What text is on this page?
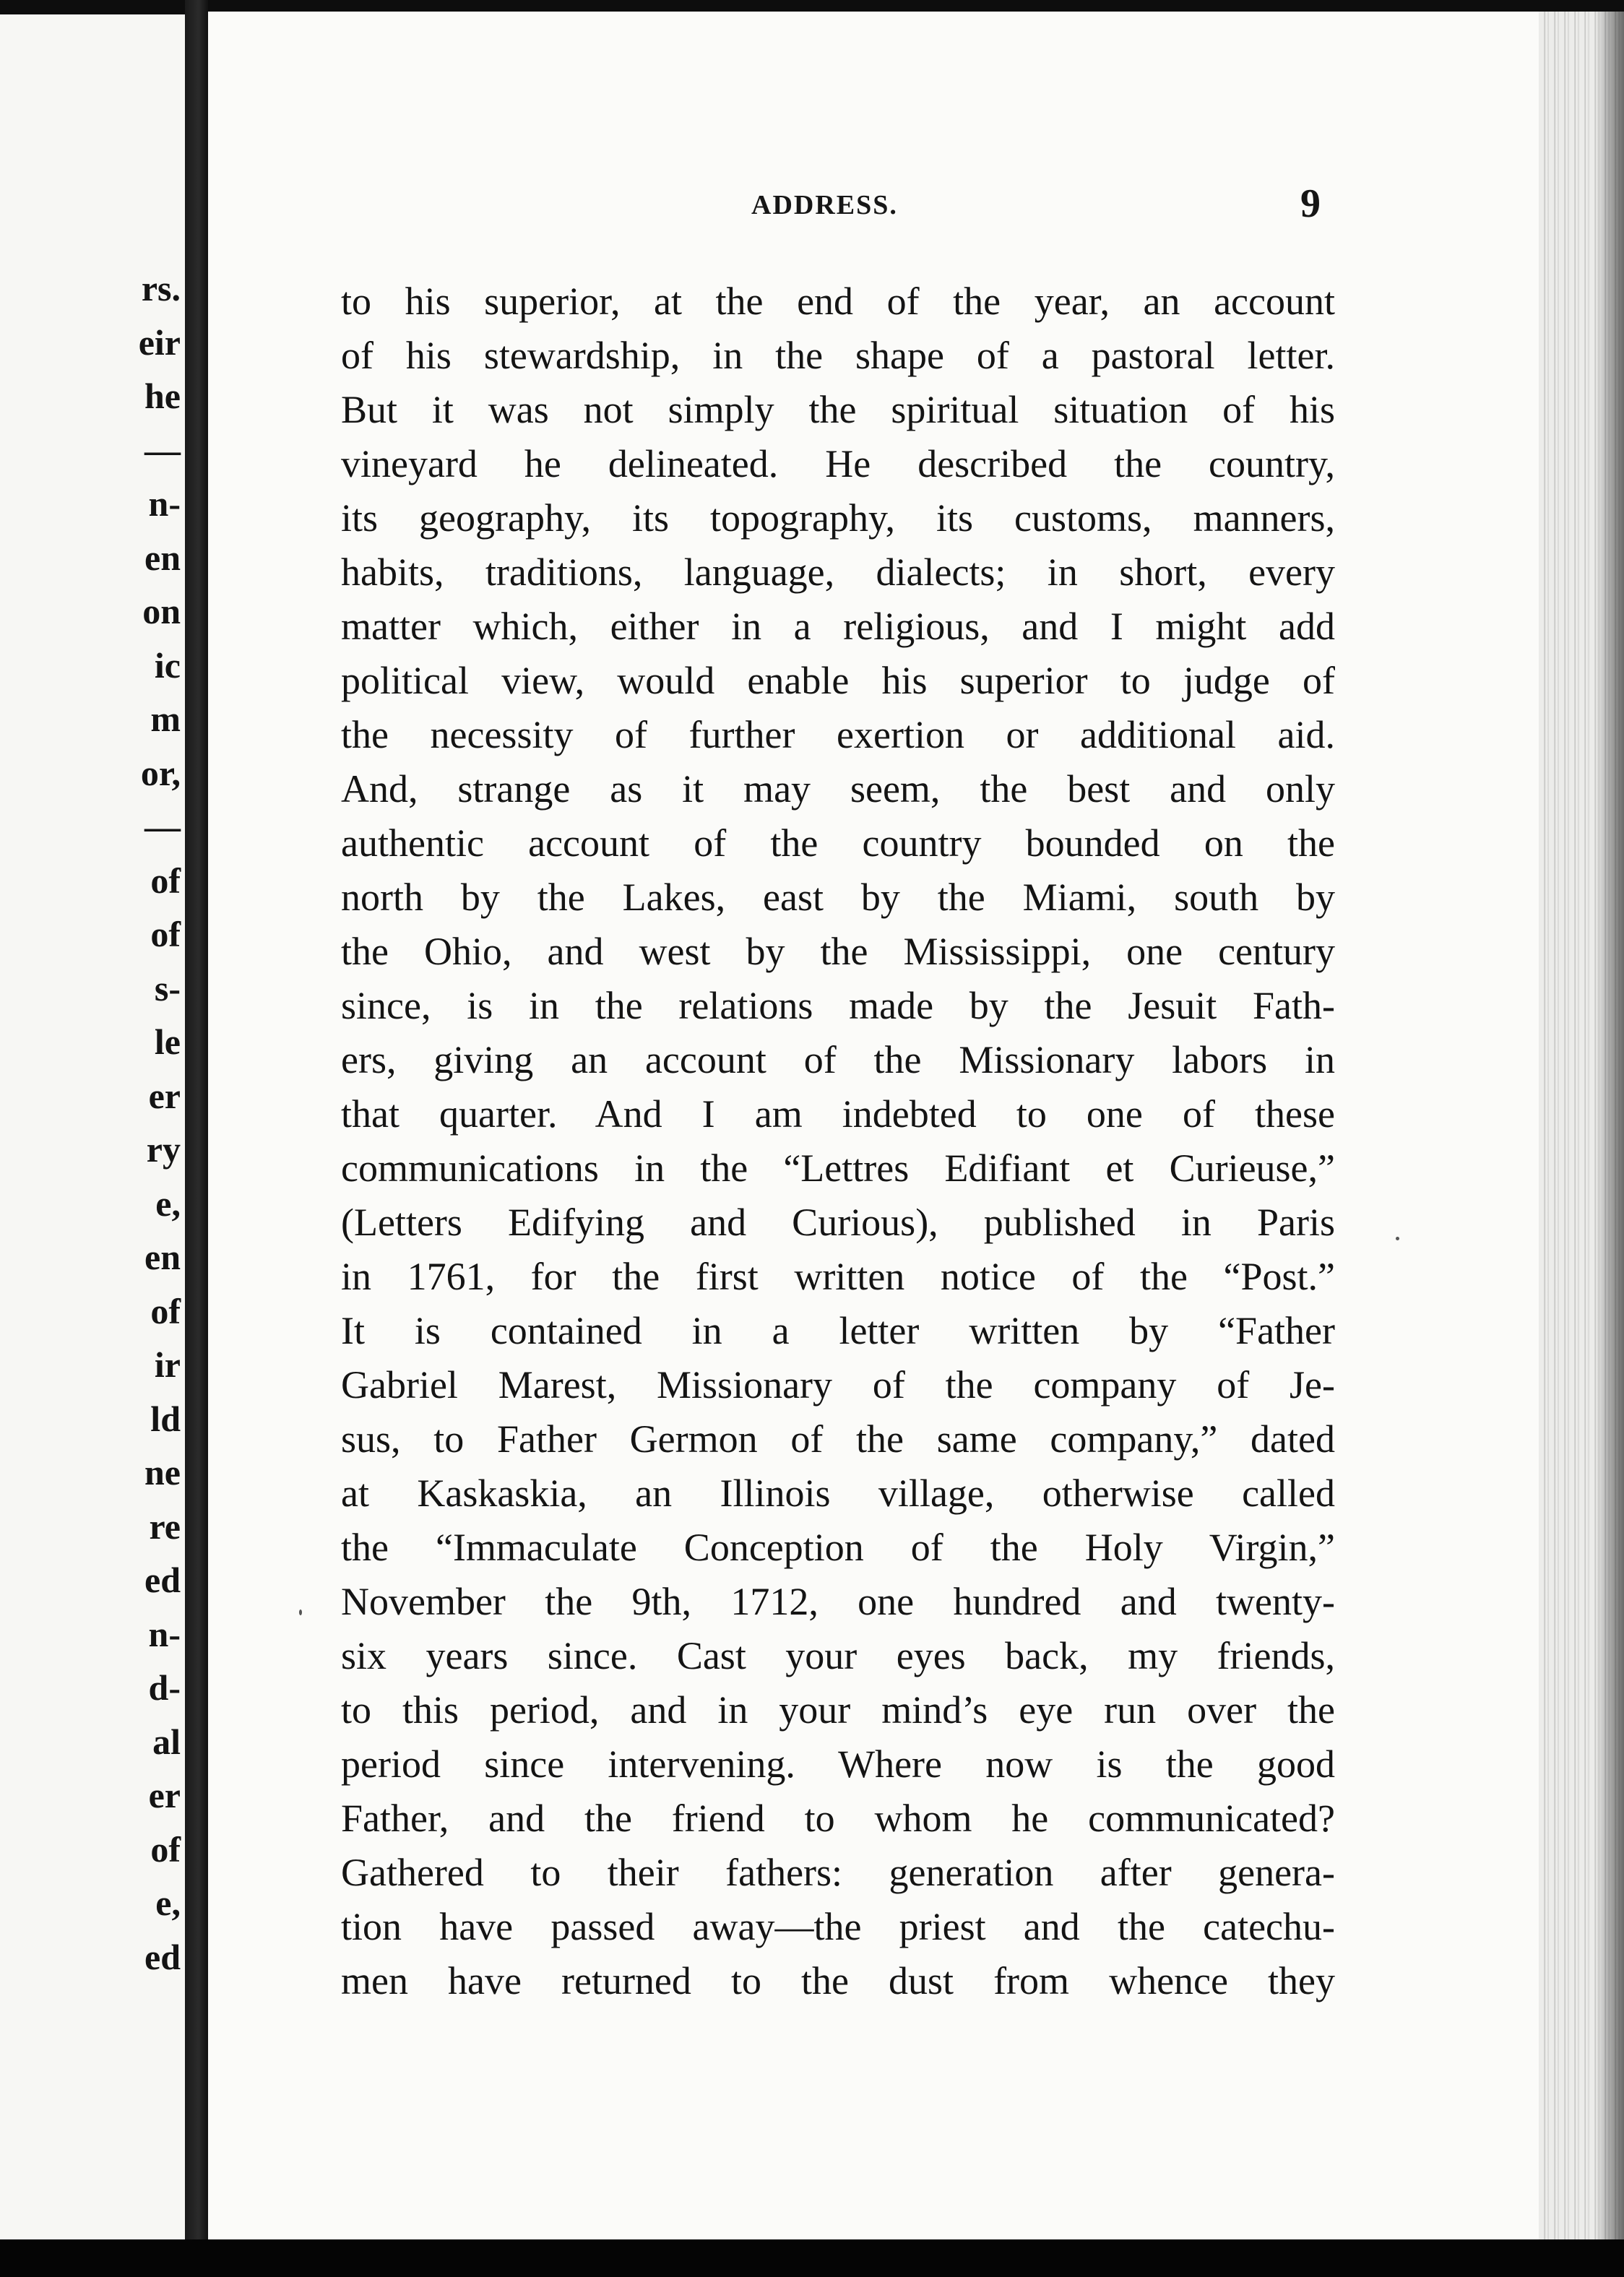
rs.
eir
he
—
n-
en
on
ic
m
or,
—
of
of
s-
le
er
ry
e,
en
of
ir
ld
ne
re
ed
n-
d-
al
er
of
e,
ed
ADDRESS.	9
to his superior, at the end of the year, an account
of his stewardship, in the shape of a pastoral letter.
But it was not simply the spiritual situation of his
vineyard he delineated. He described the country,
its geography, its topography, its customs, manners,
habits, traditions, language, dialects; in short, every
matter which, either in a religious, and I might add
political view, would enable his superior to judge of
the necessity of further exertion or additional aid.
And, strange as it may seem, the best and only
authentic account of the country bounded on the
north by the Lakes, east by the Miami, south by
the Ohio, and west by the Mississippi, one century
since, is in the relations made by the Jesuit Fath-
ers, giving an account of the Missionary labors in
that quarter. And I am indebted to one of these
communications in the “Lettres Edifiant et Curieuse,”
(Letters Edifying and Curious), published in Paris
in 1761, for the first written notice of the “Post.”
It is contained in a letter written by “Father
Gabriel Marest, Missionary of the company of Je-
sus, to Father Germon of the same company,” dated
at Kaskaskia, an Illinois village, otherwise called
the “Immaculate Conception of the Holy Virgin,”
November the 9th, 1712, one hundred and twenty-
six years since. Cast your eyes back, my friends,
to this period, and in your mind’s eye run over the
period since intervening. Where now is the good
Father, and the friend to whom he communicated?
Gathered to their fathers: generation after genera-
tion have passed away—the priest and the catechu-
men have returned to the dust from whence they
